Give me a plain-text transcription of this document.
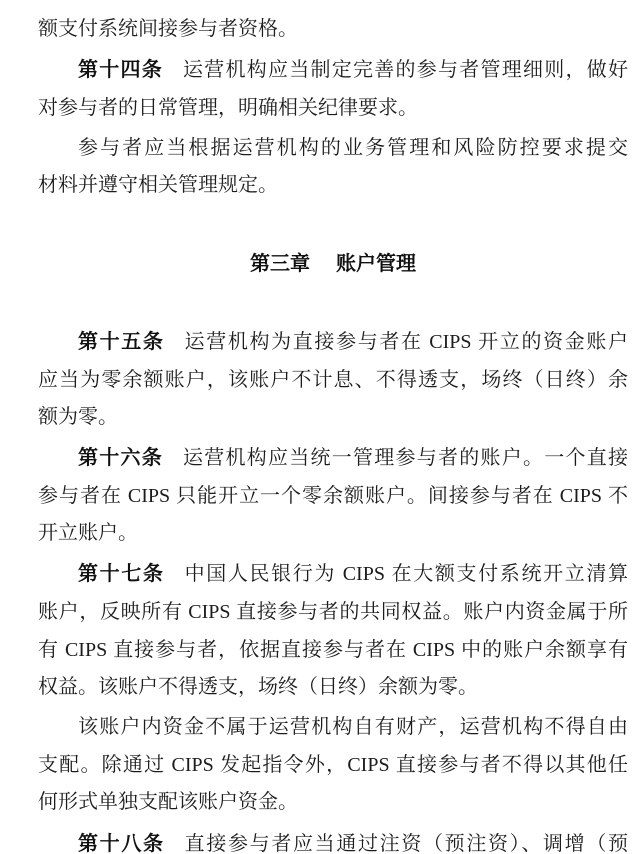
额支付系统间接参与者资格。
第十四条 运营机构应当制定完善的参与者管理细则，做好
对参与者的日常管理，明确相关纪律要求。
参与者应当根据运营机构的业务管理和风险防控要求提交
材料并遵守相关管理规定。
第三章 账户管理
第十五条 运营机构为直接参与者在 CIPS 开立的资金账户
应当为零余额账户，该账户不计息、不得透支，场终（日终）余
额为零。
第十六条 运营机构应当统一管理参与者的账户。一个直接
参与者在 CIPS 只能开立一个零余额账户。间接参与者在 CIPS 不
开立账户。
第十七条 中国人民银行为 CIPS 在大额支付系统开立清算
账户，反映所有 CIPS 直接参与者的共同权益。账户内资金属于所
有 CIPS 直接参与者，依据直接参与者在 CIPS 中的账户余额享有
权益。该账户不得透支，场终（日终）余额为零。
该账户内资金不属于运营机构自有财产，运营机构不得自由
支配。除通过 CIPS 发起指令外，CIPS 直接参与者不得以其他任
何形式单独支配该账户资金。
第十八条 直接参与者应当通过注资（预注资）、调增（预
